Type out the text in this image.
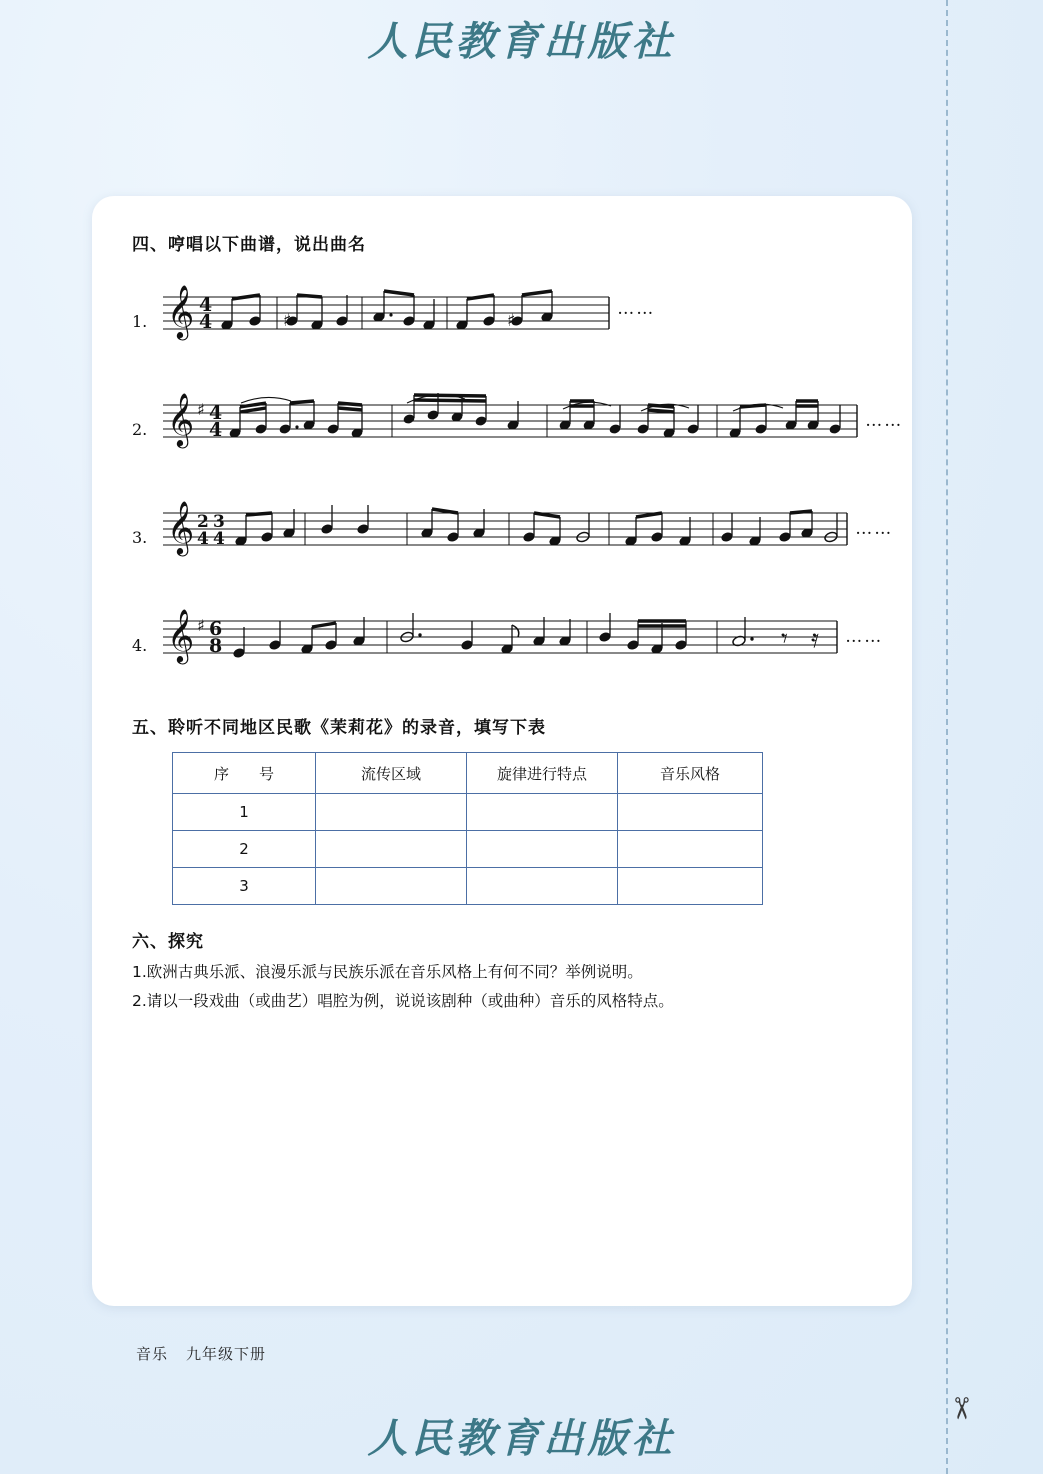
人民教育出版社
✂
四、哼唱以下曲谱，说出曲名
1. 𝄞 4
4	♯	♯
……
2. 𝄞 ♯ 4
4	……
3. 𝄞 2
4
3
4	……
4. 𝄞 ♯ 6
8	𝄾 𝄿 ……
五、聆听不同地区民歌《茉莉花》的录音，填写下表
序　　号	流传区域	旋律进行特点	音乐风格
1			
2			
3			
六、探究
1.欧洲古典乐派、浪漫乐派与民族乐派在音乐风格上有何不同？举例说明。
2.请以一段戏曲（或曲艺）唱腔为例，说说该剧种（或曲种）音乐的风格特点。
音乐 九年级下册
人民教育出版社
